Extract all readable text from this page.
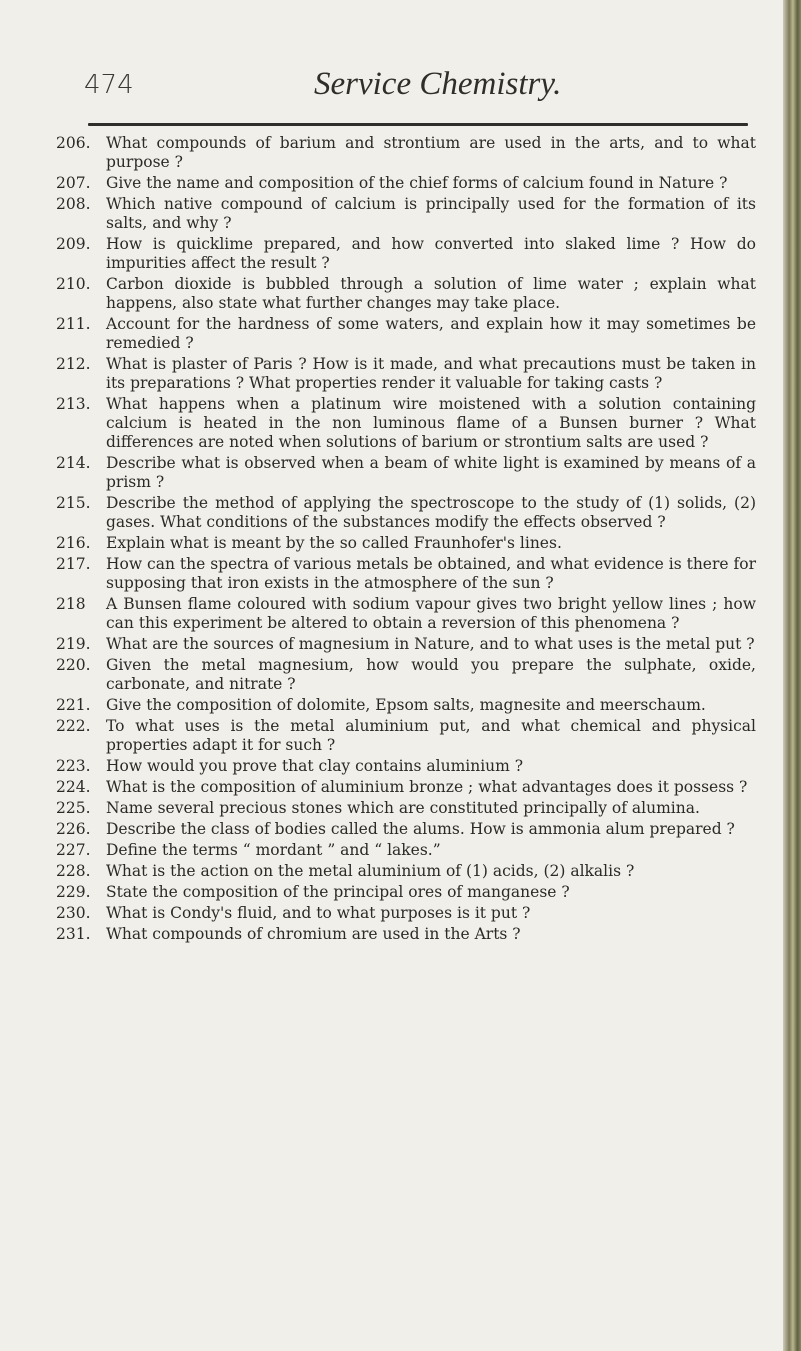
474	Service Chemistry.
206. What compounds of barium and strontium are used in the arts, and to what purpose ?
207. Give the name and composition of the chief forms of calcium found in Nature ?
208. Which native compound of calcium is principally used for the formation of its salts, and why ?
209. How is quicklime prepared, and how converted into slaked lime ? How do impurities affect the result ?
210. Carbon dioxide is bubbled through a solution of lime water ; explain what happens, also state what further changes may take place.
211. Account for the hardness of some waters, and explain how it may sometimes be remedied ?
212. What is plaster of Paris ? How is it made, and what precautions must be taken in its preparations ? What properties render it valuable for taking casts ?
213. What happens when a platinum wire moistened with a solution containing calcium is heated in the non luminous flame of a Bunsen burner ? What differences are noted when solutions of barium or strontium salts are used ?
214. Describe what is observed when a beam of white light is examined by means of a prism ?
215. Describe the method of applying the spectroscope to the study of (1) solids, (2) gases. What conditions of the substances modify the effects observed ?
216. Explain what is meant by the so called Fraunhofer's lines.
217. How can the spectra of various metals be obtained, and what evidence is there for supposing that iron exists in the atmosphere of the sun ?
218	A Bunsen flame coloured with sodium vapour gives two bright yellow lines ; how can this experiment be altered to obtain a reversion of this phenomena ?
219. What are the sources of magnesium in Nature, and to what uses is the metal put ?
220. Given the metal magnesium, how would you prepare the sulphate, oxide, carbonate, and nitrate ?
221. Give the composition of dolomite, Epsom salts, magnesite and meerschaum.
222. To what uses is the metal aluminium put, and what chemical and physical properties adapt it for such ?
223. How would you prove that clay contains aluminium ?
224. What is the composition of aluminium bronze ; what advantages does it possess ?
225. Name several precious stones which are constituted principally of alumina.
226. Describe the class of bodies called the alums. How is ammonia alum prepared ?
227. Define the terms “ mordant ” and “ lakes.”
228. What is the action on the metal aluminium of (1) acids, (2) alkalis ?
229. State the composition of the principal ores of manganese ?
230. What is Condy's fluid, and to what purposes is it put ?
231. What compounds of chromium are used in the Arts ?
